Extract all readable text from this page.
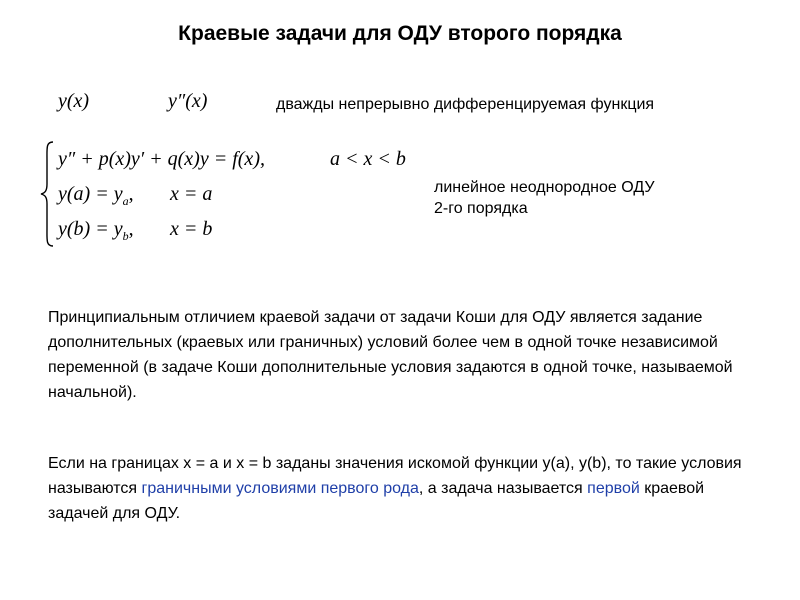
Краевые задачи для ОДУ второго порядка
y(x)	y″(x)	дважды непрерывно дифференцируемая функция
y″ + p(x)y′ + q(x)y = f(x),	a < x < b
$y(a) = y_a$, x = a
$y(b) = y_b$, x = b
линейное неоднородное ОДУ
2-го порядка
Принципиальным отличием краевой задачи от задачи Коши для ОДУ является задание дополнительных (краевых или граничных) условий более чем в одной точке независимой переменной (в задаче Коши дополнительные условия задаются в одной точке, называемой начальной).
Если на границах x = a и x = b заданы значения искомой функции y(a), y(b), то такие условия называются граничными условиями первого рода, а задача называется первой краевой задачей для ОДУ.
